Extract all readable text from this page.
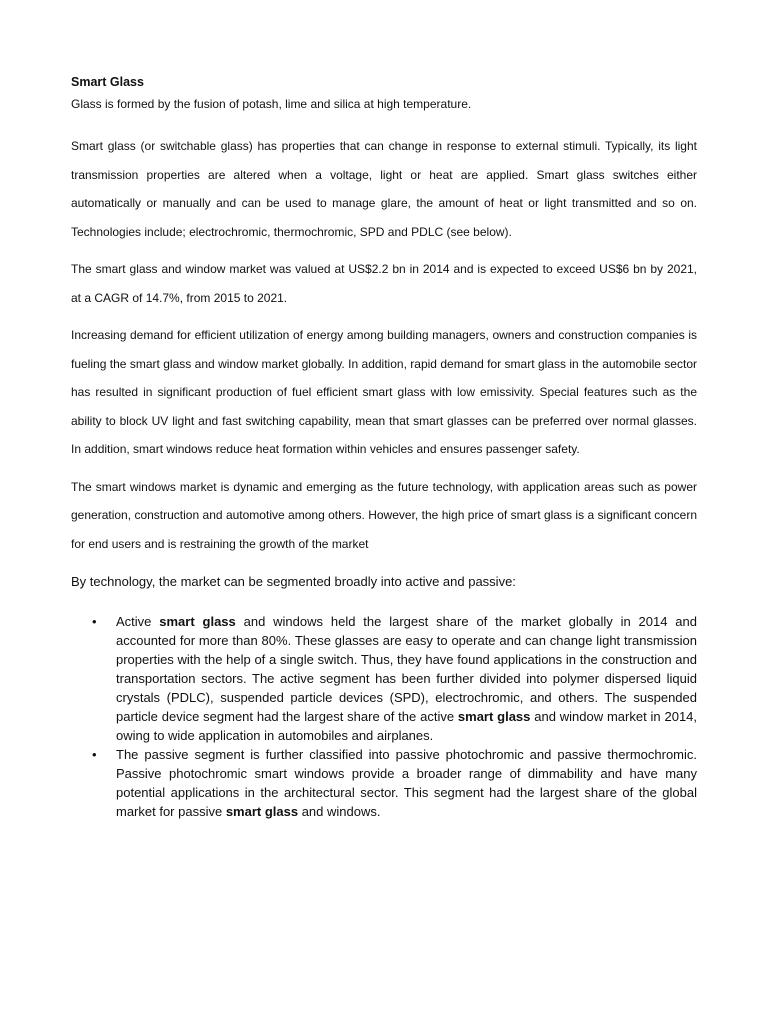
Smart Glass

Glass is formed by the fusion of potash, lime and silica at high temperature.

Smart glass (or switchable glass) has properties that can change in response to external stimuli. Typically, its light transmission properties are altered when a voltage, light or heat are applied. Smart glass switches either automatically or manually and can be used to manage glare, the amount of heat or light transmitted and so on. Technologies include; electrochromic, thermochromic, SPD and PDLC (see below).

The smart glass and window market was valued at US$2.2 bn in 2014 and is expected to exceed US$6 bn by 2021, at a CAGR of 14.7%, from 2015 to 2021.

Increasing demand for efficient utilization of energy among building managers, owners and construction companies is fueling the smart glass and window market globally. In addition, rapid demand for smart glass in the automobile sector has resulted in significant production of fuel efficient smart glass with low emissivity. Special features such as the ability to block UV light and fast switching capability, mean that smart glasses can be preferred over normal glasses. In addition, smart windows reduce heat formation within vehicles and ensures passenger safety.

The smart windows market is dynamic and emerging as the future technology, with application areas such as power generation, construction and automotive among others. However, the high price of smart glass is a significant concern for end users and is restraining the growth of the market

By technology, the market can be segmented broadly into active and passive:

• Active smart glass and windows held the largest share of the market globally in 2014 and accounted for more than 80%. These glasses are easy to operate and can change light transmission properties with the help of a single switch. Thus, they have found applications in the construction and transportation sectors. The active segment has been further divided into polymer dispersed liquid crystals (PDLC), suspended particle devices (SPD), electrochromic, and others. The suspended particle device segment had the largest share of the active smart glass and window market in 2014, owing to wide application in automobiles and airplanes.
• The passive segment is further classified into passive photochromic and passive thermochromic. Passive photochromic smart windows provide a broader range of dimmability and have many potential applications in the architectural sector. This segment had the largest share of the global market for passive smart glass and windows.
